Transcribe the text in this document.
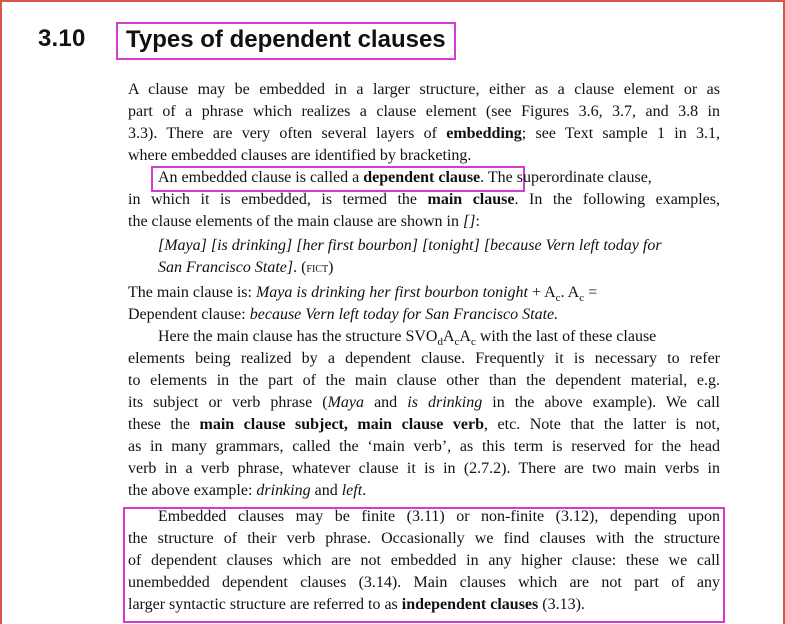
3.10	Types of dependent clauses
A clause may be embedded in a larger structure, either as a clause element or as
part of a phrase which realizes a clause element (see Figures 3.6, 3.7, and 3.8 in
3.3). There are very often several layers of embedding; see Text sample 1 in 3.1,
where embedded clauses are identified by bracketing.
An embedded clause is called a dependent clause. The superordinate clause,
in which it is embedded, is termed the main clause. In the following examples,
the clause elements of the main clause are shown in []:
[Maya] [is drinking] [her first bourbon] [tonight] [because Vern left today for
San Francisco State]. (fict)
The main clause is: Maya is drinking her first bourbon tonight + $A_c$. $A_c$ =
Dependent clause: because Vern left today for San Francisco State.
Here the main clause has the structure $SVO_dA_cA_c$ with the last of these clause
elements being realized by a dependent clause. Frequently it is necessary to refer
to elements in the part of the main clause other than the dependent material, e.g.
its subject or verb phrase (Maya and is drinking in the above example). We call
these the main clause subject, main clause verb, etc. Note that the latter is not,
as in many grammars, called the ‘main verb’, as this term is reserved for the head
verb in a verb phrase, whatever clause it is in (2.7.2). There are two main verbs in
the above example: drinking and left.
Embedded clauses may be finite (3.11) or non-finite (3.12), depending upon
the structure of their verb phrase. Occasionally we find clauses with the structure
of dependent clauses which are not embedded in any higher clause: these we call
unembedded dependent clauses (3.14). Main clauses which are not part of any
larger syntactic structure are referred to as independent clauses (3.13).
